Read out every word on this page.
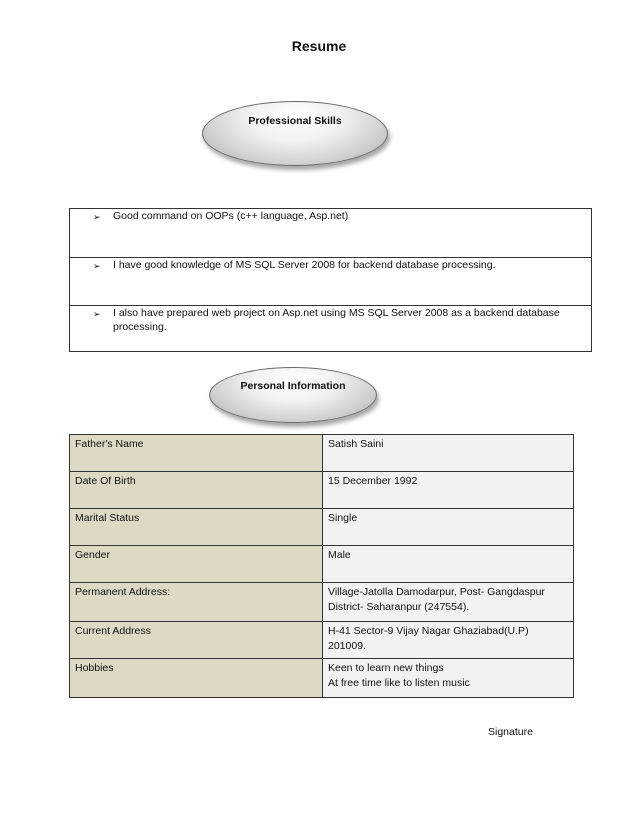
Resume
Professional Skills
➢ Good command on OOPs (c++ language, Asp.net)
➢ I have good knowledge of MS SQL Server 2008 for backend database processing.
➢ I also have prepared web project on Asp.net using MS SQL Server 2008 as a backend database processing.
Personal Information
Father's Name	Satish Saini
Date Of Birth	15 December 1992
Marital Status	Single
Gender	Male
Permanent Address:	Village-Jatolla Damodarpur, Post- Gangdaspur
District- Saharanpur (247554).
Current Address	H-41 Sector-9 Vijay Nagar Ghaziabad(U.P)
201009.
Hobbies	Keen to learn new things
At free time like to listen music
Signature
